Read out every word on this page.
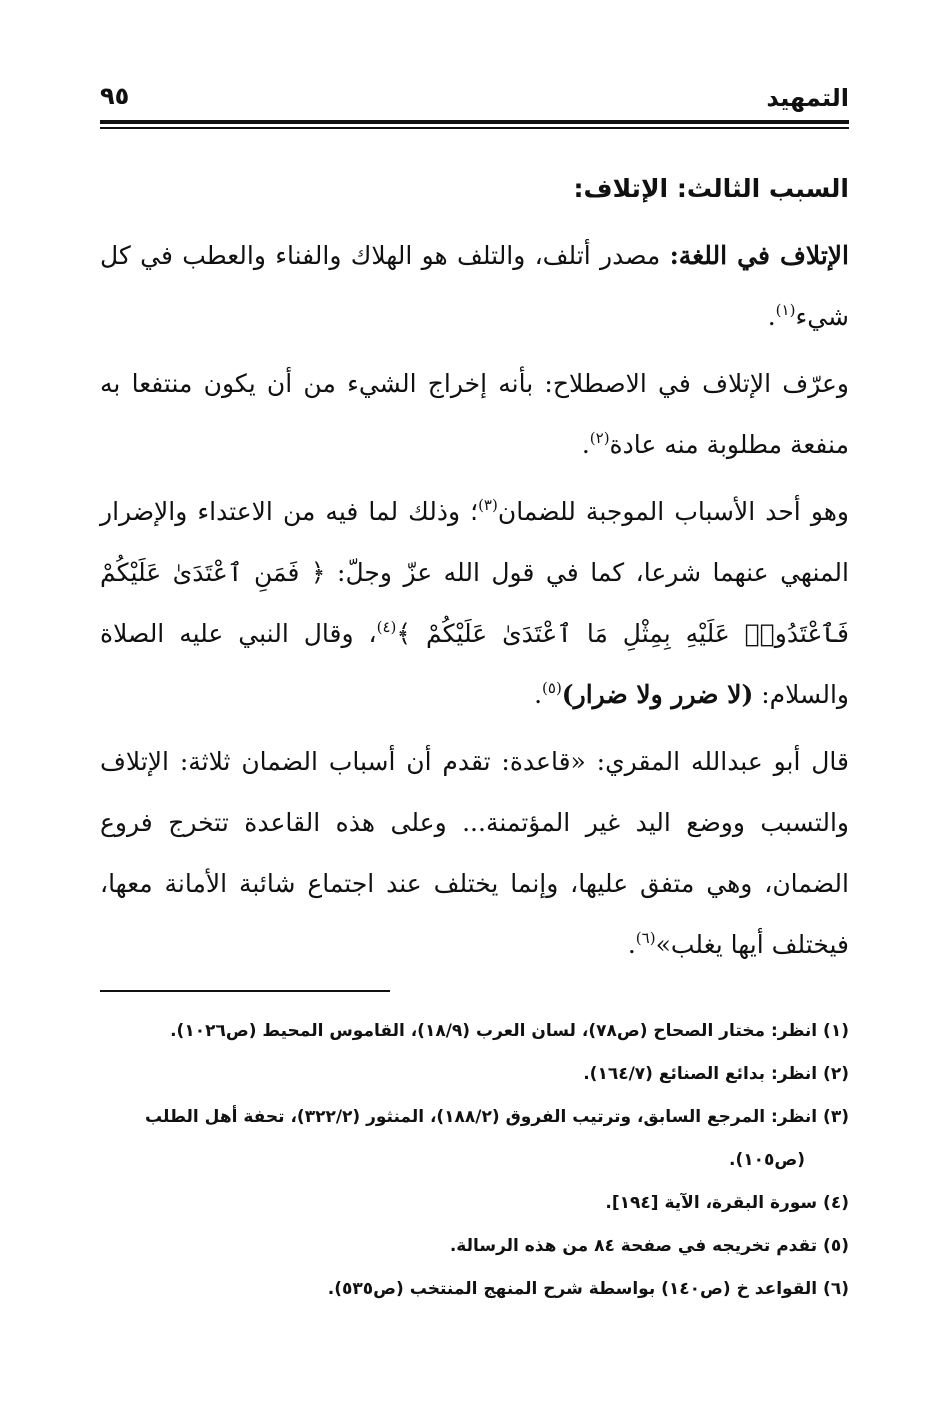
التمهيد
٩٥
السبب الثالث: الإتلاف:

الإتلاف في اللغة: مصدر أتلف، والتلف هو الهلاك والفناء والعطب في كل شيء$^{(١)}$.

وعرّف الإتلاف في الاصطلاح: بأنه إخراج الشيء من أن يكون منتفعا به منفعة مطلوبة منه عادة$^{(٢)}$.

وهو أحد الأسباب الموجبة للضمان$^{(٣)}$؛ وذلك لما فيه من الاعتداء والإضرار المنهي عنهما شرعا، كما في قول الله عزّ وجلّ: ﴿ فَمَنِ ٱعْتَدَىٰ عَلَيْكُمْ فَٱعْتَدُوا۟ عَلَيْهِ بِمِثْلِ مَا ٱعْتَدَىٰ عَلَيْكُمْ ﴾$^{(٤)}$، وقال النبي عليه الصلاة والسلام: (لا ضرر ولا ضرار)$^{(٥)}$.

قال أبو عبدالله المقري: «قاعدة: تقدم أن أسباب الضمان ثلاثة: الإتلاف والتسبب ووضع اليد غير المؤتمنة... وعلى هذه القاعدة تتخرج فروع الضمان، وهي متفق عليها، وإنما يختلف عند اجتماع شائبة الأمانة معها، فيختلف أيها يغلب»$^{(٦)}$.

(١) انظر: مختار الصحاح (ص٧٨)، لسان العرب (١٨/٩)، القاموس المحيط (ص١٠٢٦).

(٢) انظر: بدائع الصنائع (١٦٤/٧).

(٣) انظر: المرجع السابق، وترتيب الفروق (١٨٨/٢)، المنثور (٣٢٢/٢)، تحفة أهل الطلب

(ص١٠٥).

(٤) سورة البقرة، الآية [١٩٤].

(٥) تقدم تخريجه في صفحة ٨٤ من هذه الرسالة.

(٦) القواعد خ (ص١٤٠) بواسطة شرح المنهج المنتخب (ص٥٣٥).
